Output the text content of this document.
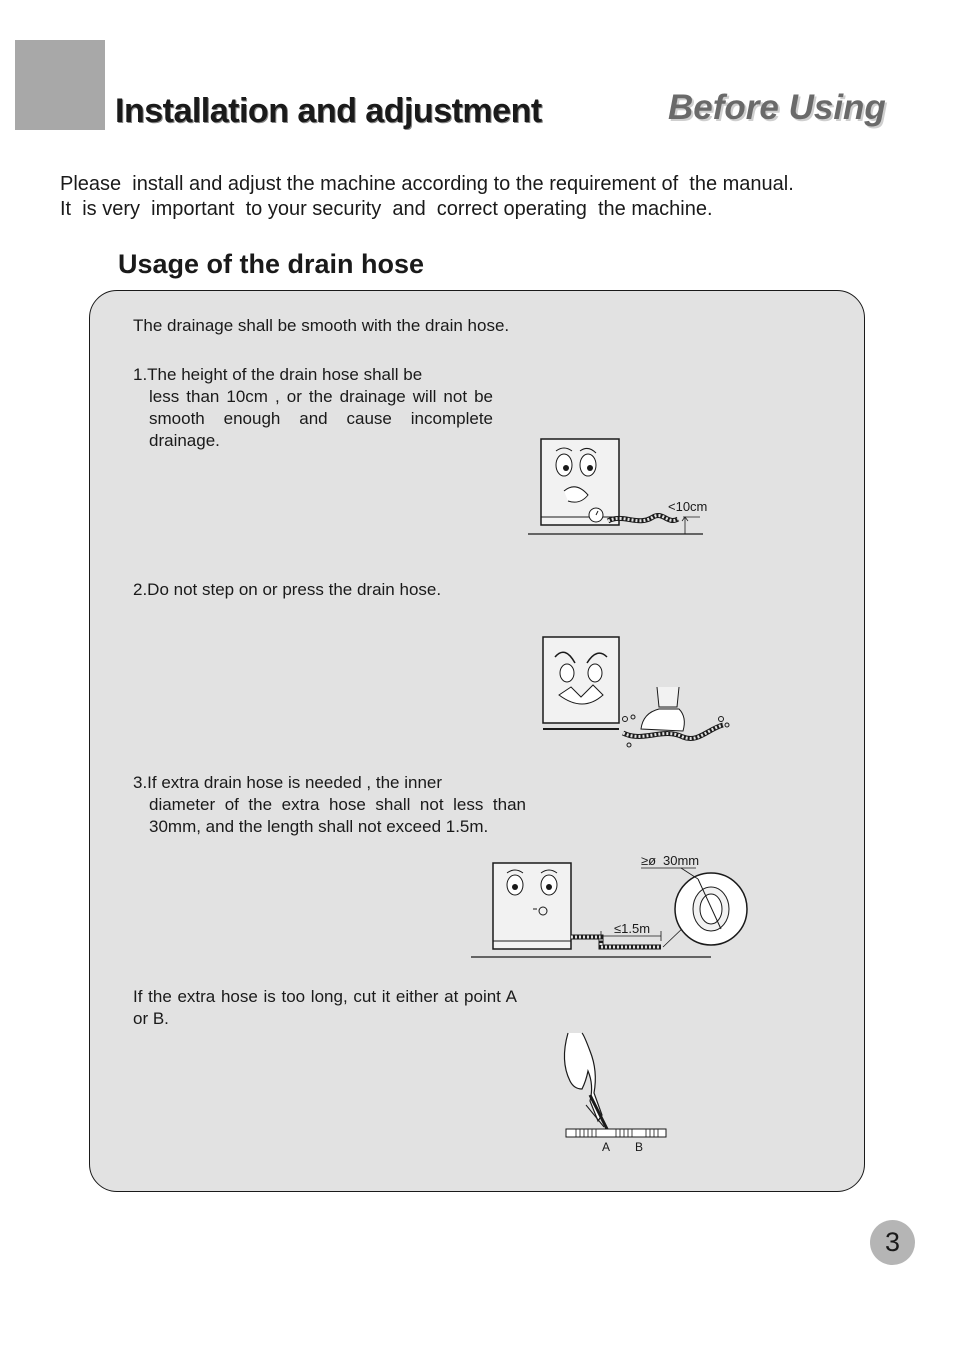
Installation and adjustment	Before Using

Please  install and adjust the machine according to the requirement of  the manual.

It  is very  important  to your security  and  correct operating  the machine.

Usage of the drain hose
The drainage shall be smooth with the drain hose.
1.The height of the drain hose shall be
less than 10cm , or the drainage will not be smooth enough and cause incomplete drainage.
2.Do not step on or press the drain hose.
3.If extra drain hose is needed , the inner
diameter of the extra hose shall not less than 30mm, and the length shall not exceed 1.5m.
If the extra hose is too long, cut it either at point A or B.
<10cm
≤1.5m
≥ø 30mm
A B
3
